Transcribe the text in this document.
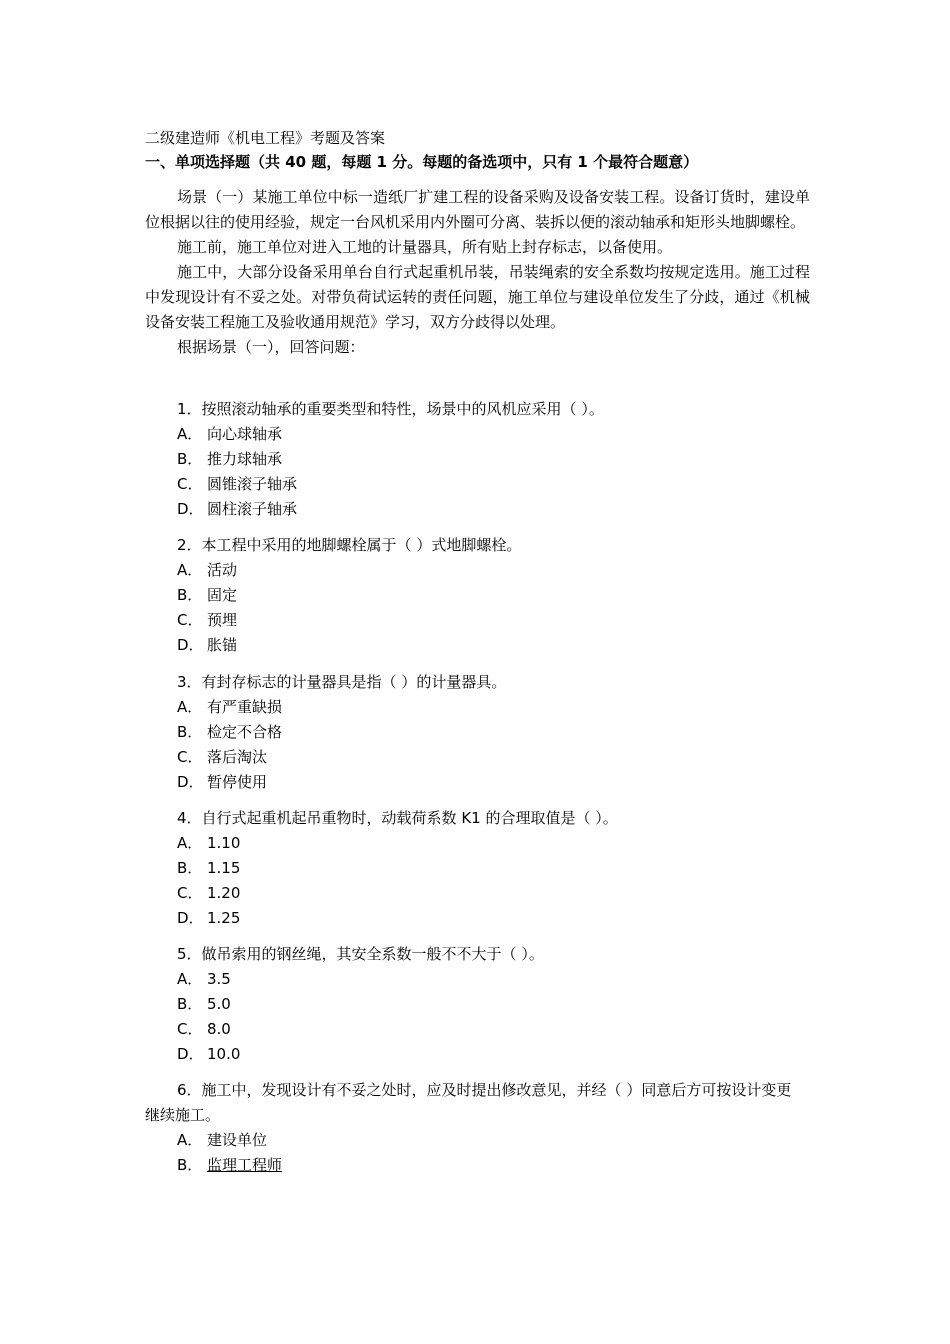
二级建造师《机电工程》考题及答案
一、单项选择题（共 40 题，每题 1 分。每题的备选项中，只有 1 个最符合题意）

场景（一）某施工单位中标一造纸厂扩建工程的设备采购及设备安装工程。设备订货时，建设单位根据以往的使用经验，规定一台风机采用内外圈可分离、装拆以便的滚动轴承和矩形头地脚螺栓。

施工前，施工单位对进入工地的计量器具，所有贴上封存标志，以备使用。

施工中，大部分设备采用单台自行式起重机吊装，吊装绳索的安全系数均按规定选用。施工过程中发现设计有不妥之处。对带负荷试运转的责任问题，施工单位与建设单位发生了分歧，通过《机械设备安装工程施工及验收通用规范》学习，双方分歧得以处理。

根据场景（一），回答问题：

1．按照滚动轴承的重要类型和特性，场景中的风机应采用（ ）。

A． 向心球轴承

B． 推力球轴承

C． 圆锥滚子轴承

D． 圆柱滚子轴承

2．本工程中采用的地脚螺栓属于（ ）式地脚螺栓。

A． 活动

B． 固定

C． 预埋

D． 胀锚

3．有封存标志的计量器具是指（ ）的计量器具。

A． 有严重缺损

B． 检定不合格

C． 落后淘汰

D． 暂停使用

4．自行式起重机起吊重物时，动载荷系数 K1 的合理取值是（ ）。

A． 1.10

B． 1.15

C． 1.20

D． 1.25

5．做吊索用的钢丝绳，其安全系数一般不不大于（ ）。

A． 3.5

B． 5.0

C． 8.0

D． 10.0

6．施工中，发现设计有不妥之处时，应及时提出修改意见，并经（ ）同意后方可按设计变更继续施工。

A． 建设单位

B． 监理工程师
